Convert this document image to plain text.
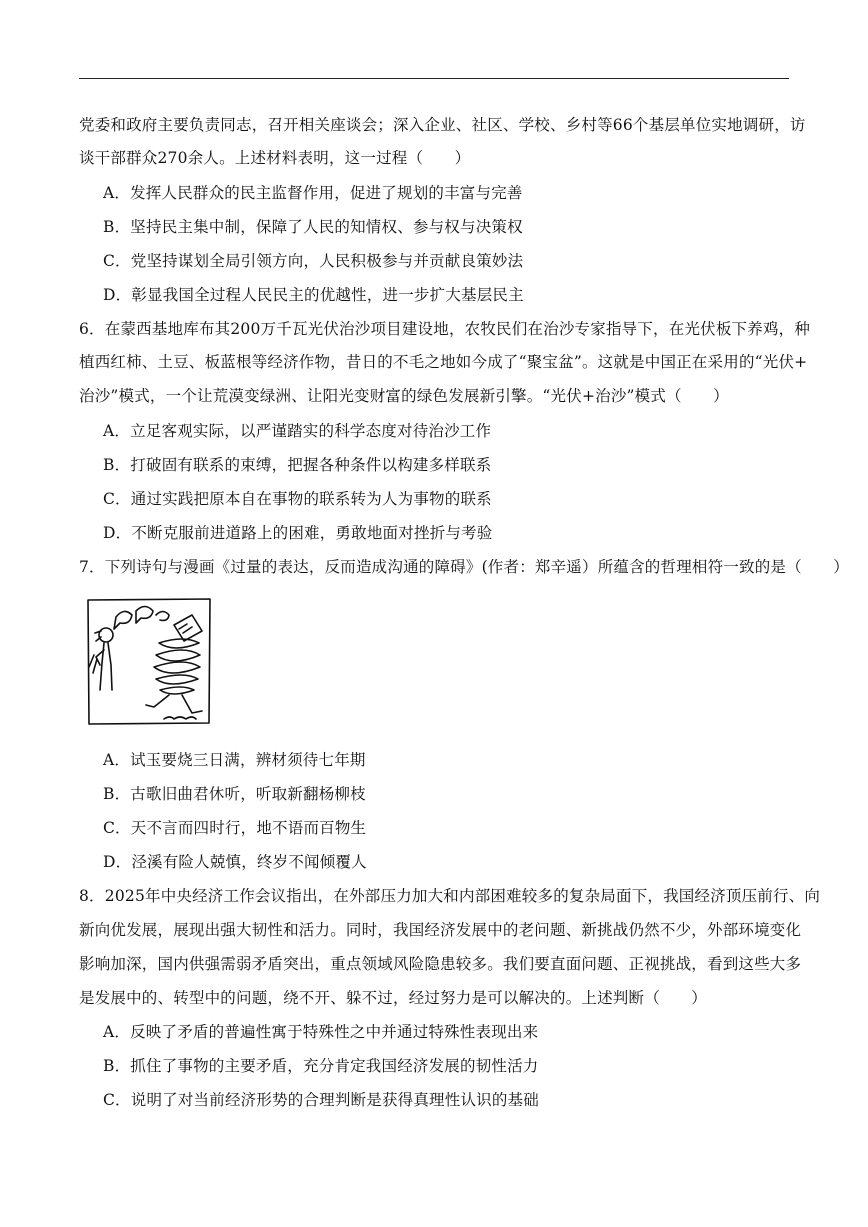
党委和政府主要负责同志，召开相关座谈会；深入企业、社区、学校、乡村等66个基层单位实地调研，访
谈干部群众270余人。上述材料表明，这一过程（　　）
A．发挥人民群众的民主监督作用，促进了规划的丰富与完善
B．坚持民主集中制，保障了人民的知情权、参与权与决策权
C．党坚持谋划全局引领方向，人民积极参与并贡献良策妙法
D．彰显我国全过程人民民主的优越性，进一步扩大基层民主
6．在蒙西基地库布其200万千瓦光伏治沙项目建设地，农牧民们在治沙专家指导下，在光伏板下养鸡，种
植西红柿、土豆、板蓝根等经济作物，昔日的不毛之地如今成了“聚宝盆”。这就是中国正在采用的“光伏+
治沙”模式，一个让荒漠变绿洲、让阳光变财富的绿色发展新引擎。“光伏+治沙”模式（　　）
A．立足客观实际，以严谨踏实的科学态度对待治沙工作
B．打破固有联系的束缚，把握各种条件以构建多样联系
C．通过实践把原本自在事物的联系转为人为事物的联系
D．不断克服前进道路上的困难，勇敢地面对挫折与考验
7．下列诗句与漫画《过量的表达，反而造成沟通的障碍》(作者：郑辛遥）所蕴含的哲理相符一致的是（　　）
A．试玉要烧三日满，辨材须待七年期
B．古歌旧曲君休听，听取新翻杨柳枝
C．天不言而四时行，地不语而百物生
D．泾溪有险人兢慎，终岁不闻倾覆人
8．2025年中央经济工作会议指出，在外部压力加大和内部困难较多的复杂局面下，我国经济顶压前行、向
新向优发展，展现出强大韧性和活力。同时，我国经济发展中的老问题、新挑战仍然不少，外部环境变化
影响加深，国内供强需弱矛盾突出，重点领域风险隐患较多。我们要直面问题、正视挑战，看到这些大多
是发展中的、转型中的问题，绕不开、躲不过，经过努力是可以解决的。上述判断（　　）
A．反映了矛盾的普遍性寓于特殊性之中并通过特殊性表现出来
B．抓住了事物的主要矛盾，充分肯定我国经济发展的韧性活力
C．说明了对当前经济形势的合理判断是获得真理性认识的基础
